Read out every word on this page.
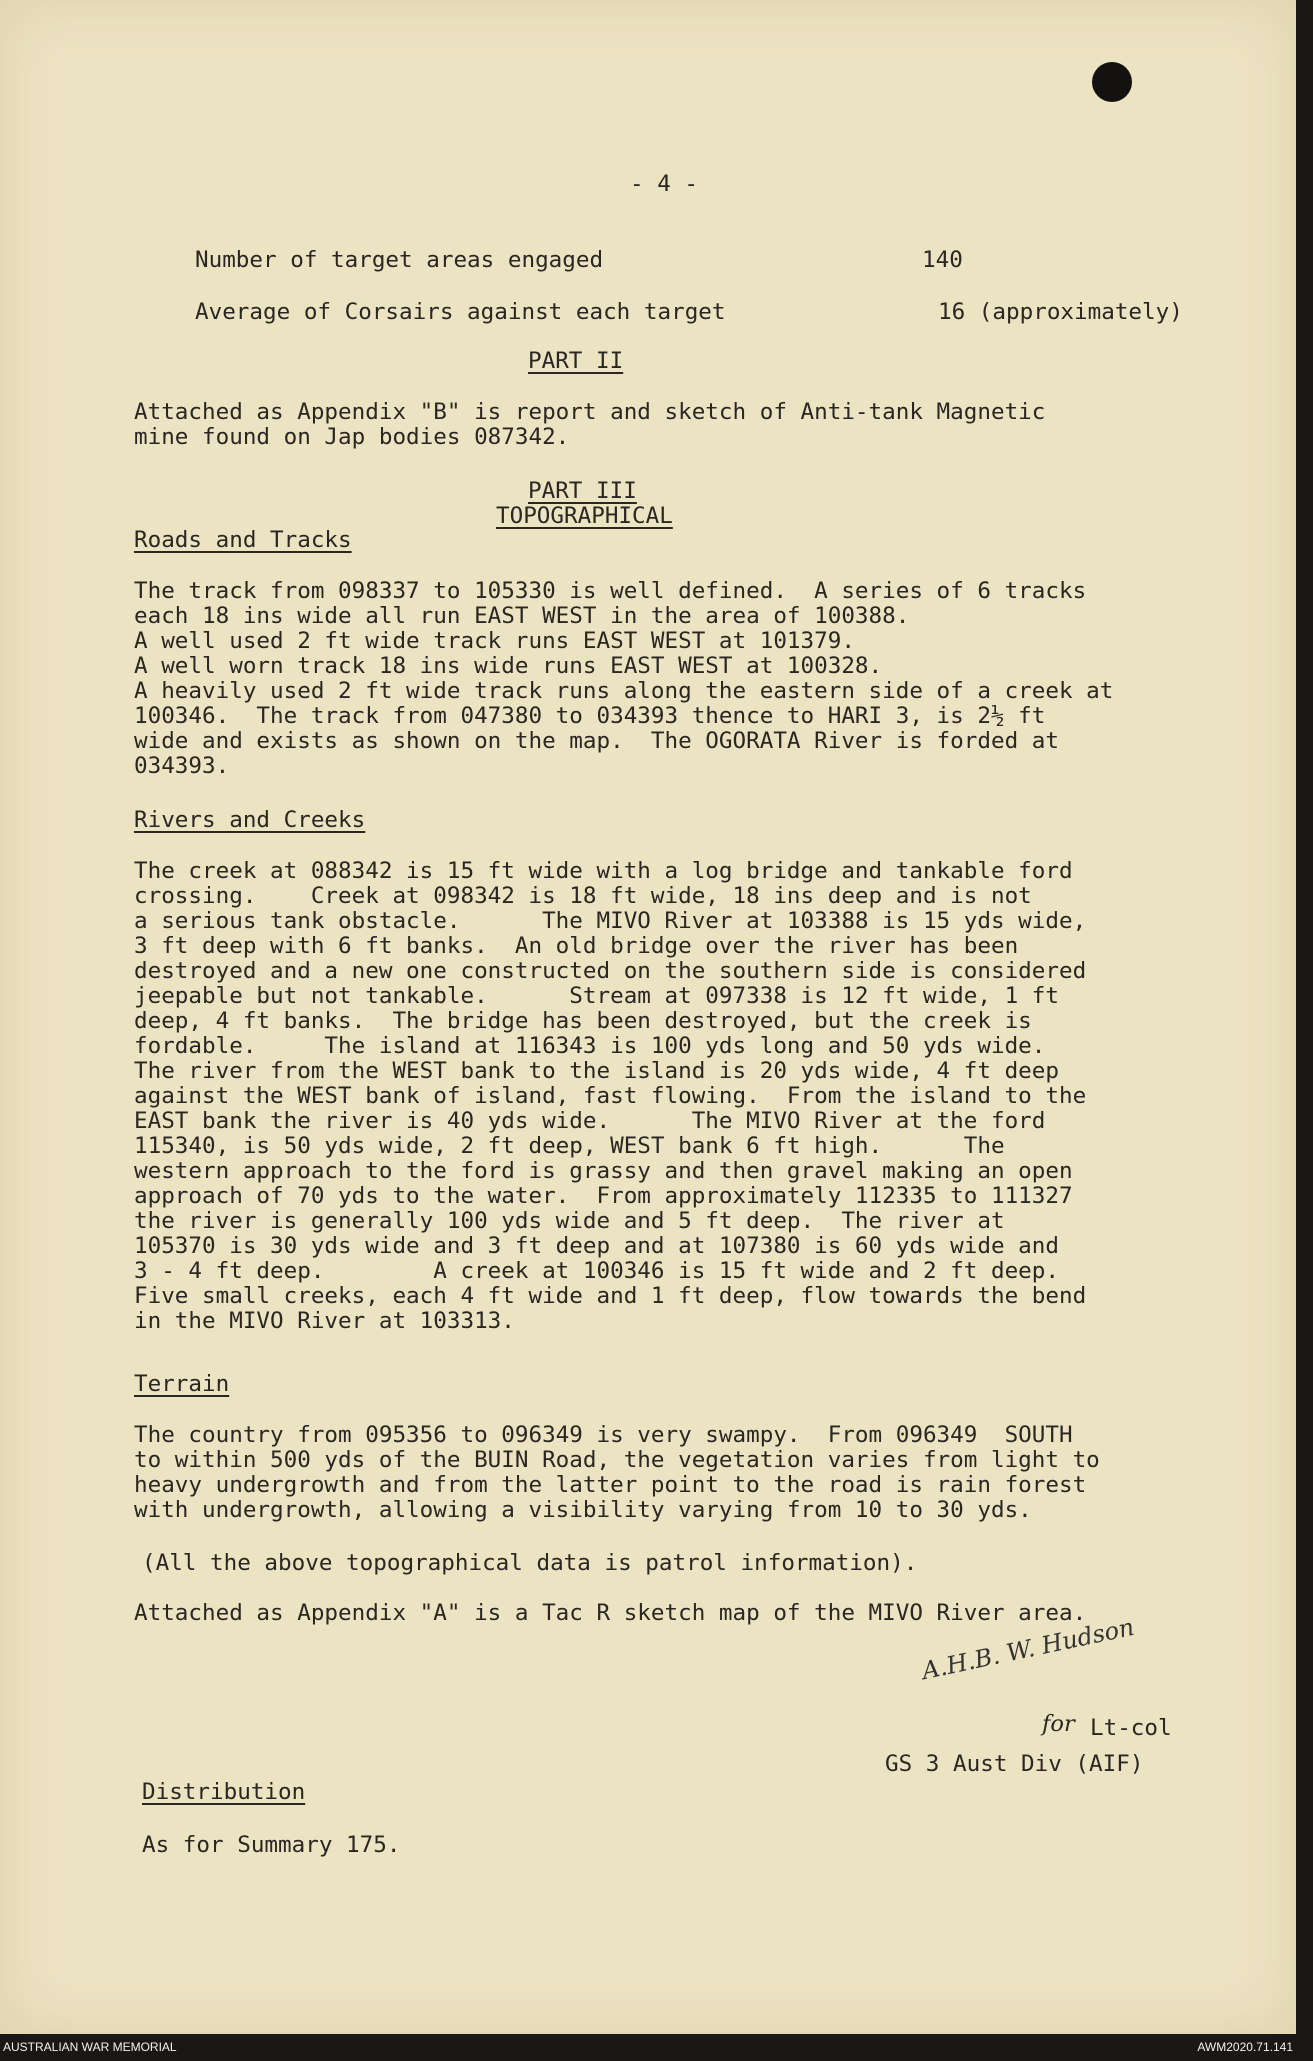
- 4 -
Number of target areas engaged	140
Average of Corsairs against each target	16 (approximately)
PART II
Attached as Appendix "B" is report and sketch of Anti-tank Magnetic
mine found on Jap bodies 087342.
PART III
TOPOGRAPHICAL
Roads and Tracks
The track from 098337 to 105330 is well defined.  A series of 6 tracks
each 18 ins wide all run EAST WEST in the area of 100388.
A well used 2 ft wide track runs EAST WEST at 101379.
A well worn track 18 ins wide runs EAST WEST at 100328.
A heavily used 2 ft wide track runs along the eastern side of a creek at
100346.  The track from 047380 to 034393 thence to HARI 3, is 2½ ft
wide and exists as shown on the map.  The OGORATA River is forded at
034393.
Rivers and Creeks
The creek at 088342 is 15 ft wide with a log bridge and tankable ford
crossing.    Creek at 098342 is 18 ft wide, 18 ins deep and is not
a serious tank obstacle.      The MIVO River at 103388 is 15 yds wide,
3 ft deep with 6 ft banks.  An old bridge over the river has been
destroyed and a new one constructed on the southern side is considered
jeepable but not tankable.      Stream at 097338 is 12 ft wide, 1 ft
deep, 4 ft banks.  The bridge has been destroyed, but the creek is
fordable.     The island at 116343 is 100 yds long and 50 yds wide.
The river from the WEST bank to the island is 20 yds wide, 4 ft deep
against the WEST bank of island, fast flowing.  From the island to the
EAST bank the river is 40 yds wide.      The MIVO River at the ford
115340, is 50 yds wide, 2 ft deep, WEST bank 6 ft high.      The
western approach to the ford is grassy and then gravel making an open
approach of 70 yds to the water.  From approximately 112335 to 111327
the river is generally 100 yds wide and 5 ft deep.  The river at
105370 is 30 yds wide and 3 ft deep and at 107380 is 60 yds wide and
3 - 4 ft deep.        A creek at 100346 is 15 ft wide and 2 ft deep.
Five small creeks, each 4 ft wide and 1 ft deep, flow towards the bend
in the MIVO River at 103313.
Terrain
The country from 095356 to 096349 is very swampy.  From 096349  SOUTH
to within 500 yds of the BUIN Road, the vegetation varies from light to
heavy undergrowth and from the latter point to the road is rain forest
with undergrowth, allowing a visibility varying from 10 to 30 yds.
(All the above topographical data is patrol information).
Attached as Appendix "A" is a Tac R sketch map of the MIVO River area.
A.H.B. W. Hudson
for Lt-col
GS 3 Aust Div (AIF)
Distribution
As for Summary 175.
AUSTRALIAN WAR MEMORIAL	AWM2020.71.141
